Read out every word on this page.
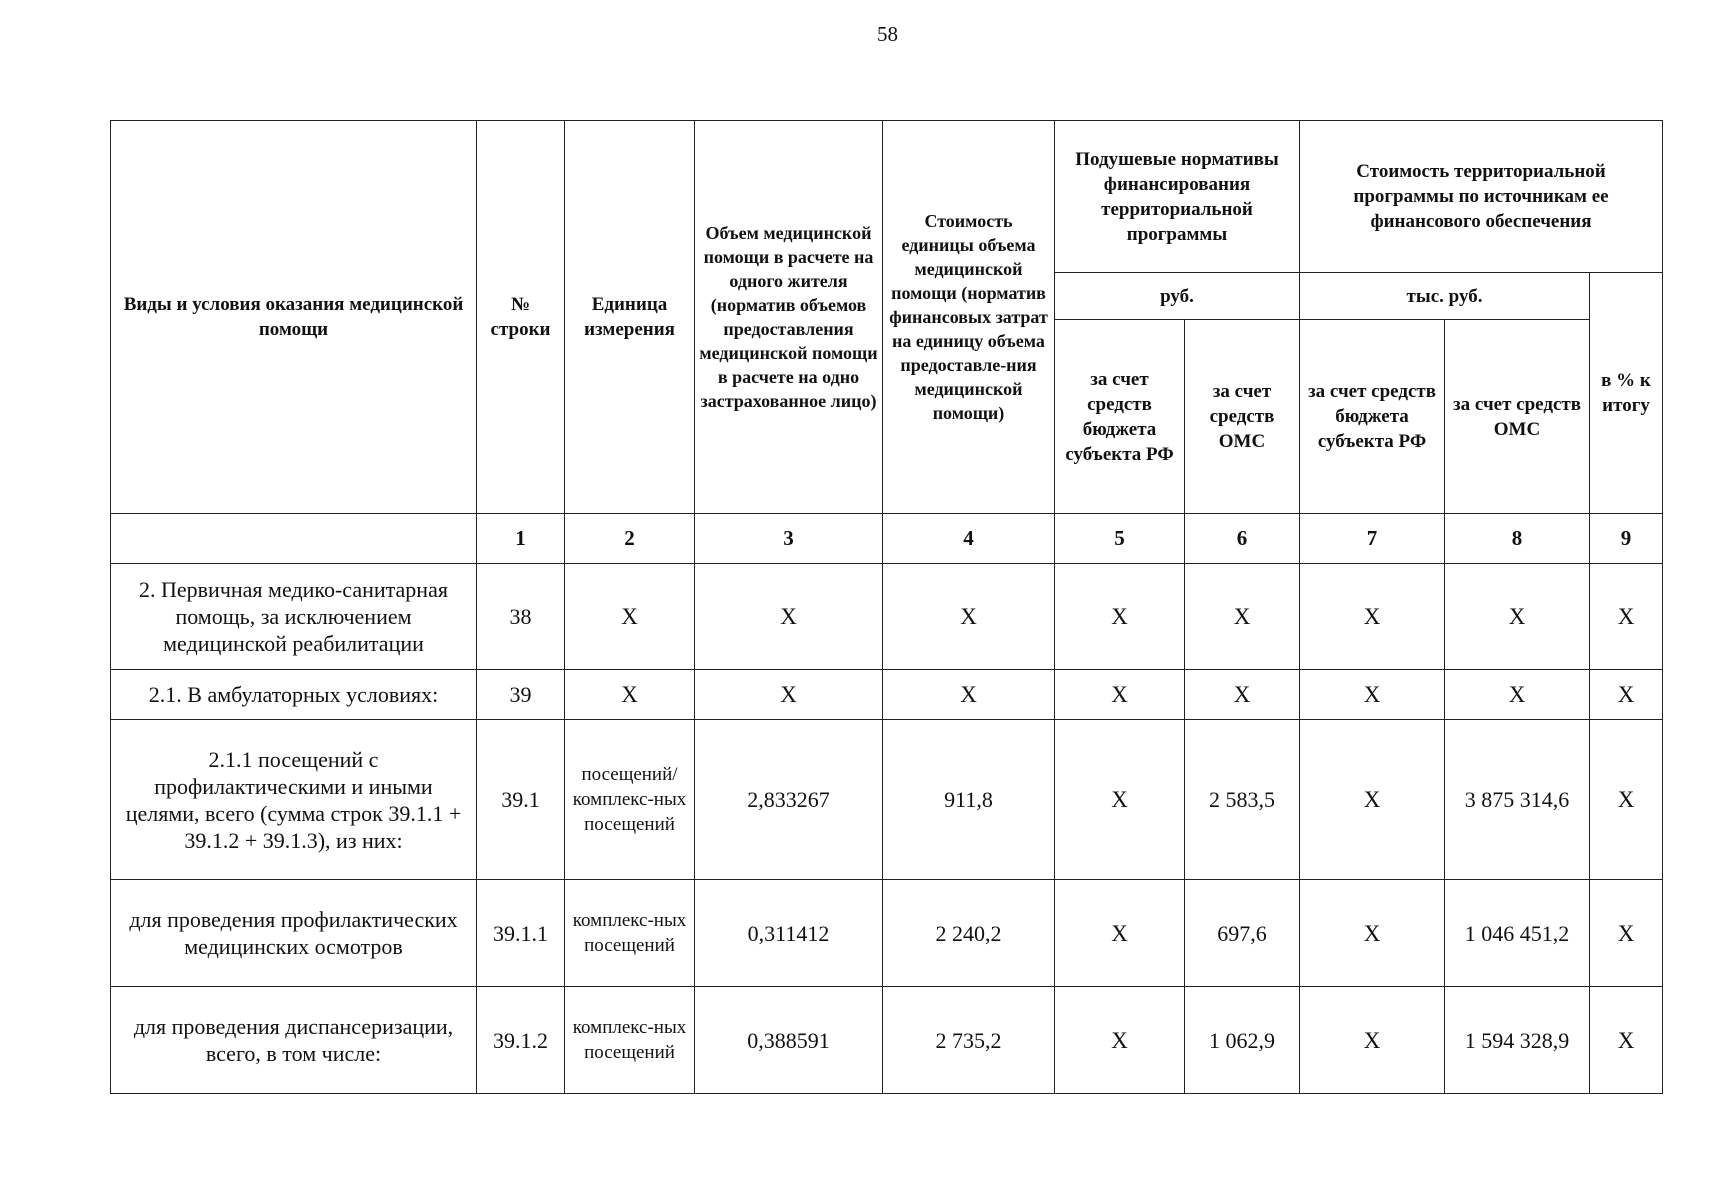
58
Виды и условия оказания медицинской помощи	№ строки	Единица измерения	Объем медицинской помощи в расчете на одного жителя (норматив объемов предоставления медицинской помощи в расчете на одно застрахованное лицо)	Стоимость единицы объема медицинской помощи (норматив финансовых затрат на единицу объема предоставле-ния медицинской помощи)	Подушевые нормативы финансирования территориальной программы		Стоимость территориальной программы по источникам ее финансового обеспечения		
					руб.		тыс. руб.		в % к итогу
					за счет средств бюджета субъекта РФ	за счет средств ОМС	за счет средств бюджета субъекта РФ	за счет средств ОМС	
	1	2	3	4	5	6	7	8	9
2. Первичная медико-санитарная помощь, за исключением медицинской реабилитации	38	X	X	X	X	X	X	X	X
2.1. В амбулаторных условиях:	39	X	X	X	X	X	X	X	X
2.1.1 посещений с профилактическими и иными целями, всего (сумма строк 39.1.1 + 39.1.2 + 39.1.3), из них:	39.1	посещений/ комплекс-ных посещений	2,833267	911,8	X	2 583,5	X	3 875 314,6	X
для проведения профилактических медицинских осмотров	39.1.1	комплекс-ных посещений	0,311412	2 240,2	X	697,6	X	1 046 451,2	X
для проведения диспансеризации, всего, в том числе:	39.1.2	комплекс-ных посещений	0,388591	2 735,2	X	1 062,9	X	1 594 328,9	X
